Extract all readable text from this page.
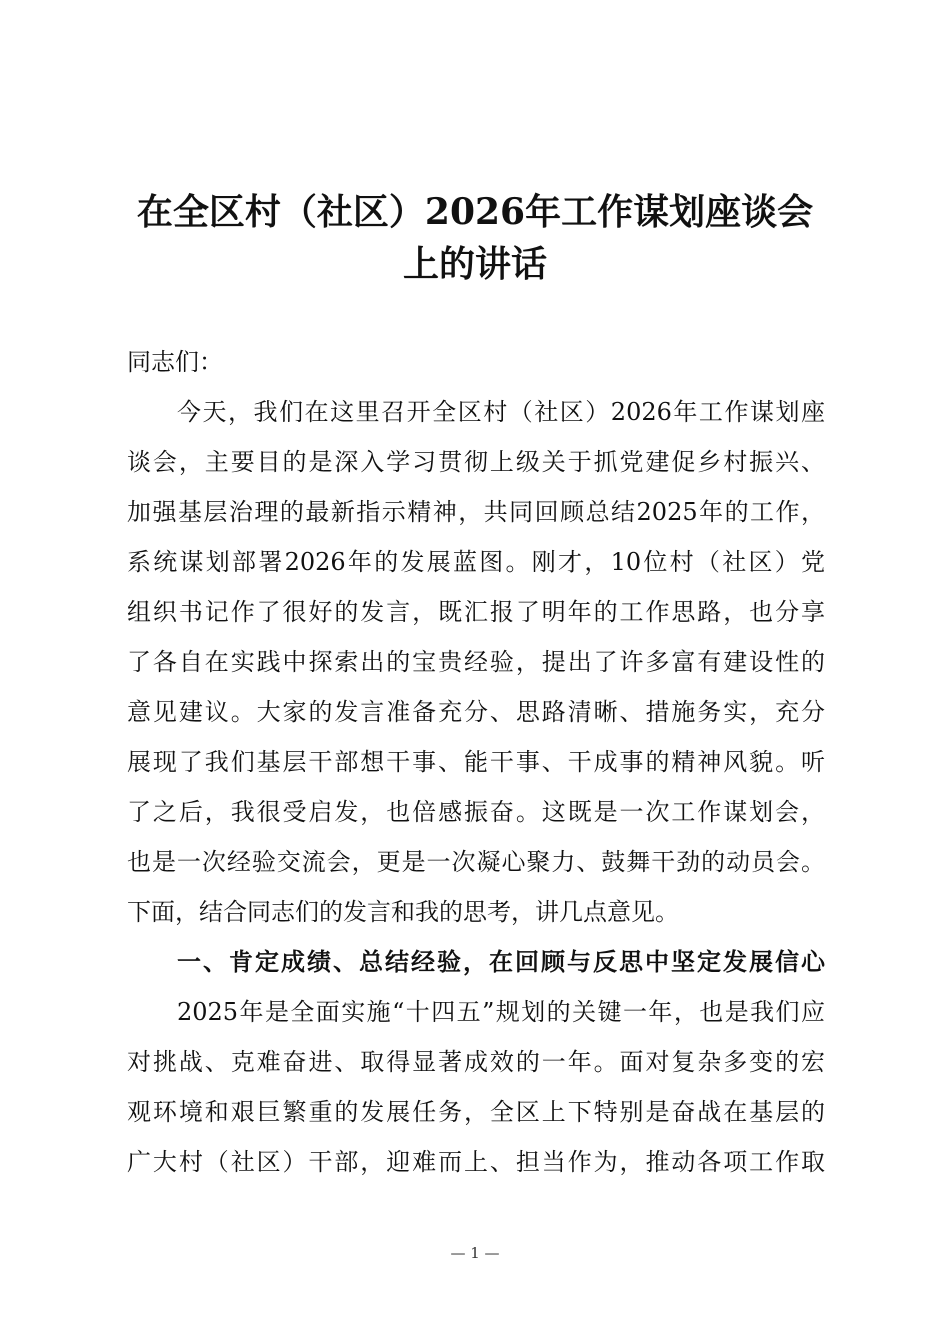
在全区村（社区）2026年工作谋划座谈会
上的讲话
同志们：
今天，我们在这里召开全区村（社区）2026年工作谋划座
谈会，主要目的是深入学习贯彻上级关于抓党建促乡村振兴、
加强基层治理的最新指示精神，共同回顾总结2025年的工作，
系统谋划部署2026年的发展蓝图。刚才，10位村（社区）党
组织书记作了很好的发言，既汇报了明年的工作思路，也分享
了各自在实践中探索出的宝贵经验，提出了许多富有建设性的
意见建议。大家的发言准备充分、思路清晰、措施务实，充分
展现了我们基层干部想干事、能干事、干成事的精神风貌。听
了之后，我很受启发，也倍感振奋。这既是一次工作谋划会，
也是一次经验交流会，更是一次凝心聚力、鼓舞干劲的动员会。
下面，结合同志们的发言和我的思考，讲几点意见。
一、肯定成绩、总结经验，在回顾与反思中坚定发展信心
2025年是全面实施“十四五”规划的关键一年，也是我们应
对挑战、克难奋进、取得显著成效的一年。面对复杂多变的宏
观环境和艰巨繁重的发展任务，全区上下特别是奋战在基层的
广大村（社区）干部，迎难而上、担当作为，推动各项工作取
— 1 —
